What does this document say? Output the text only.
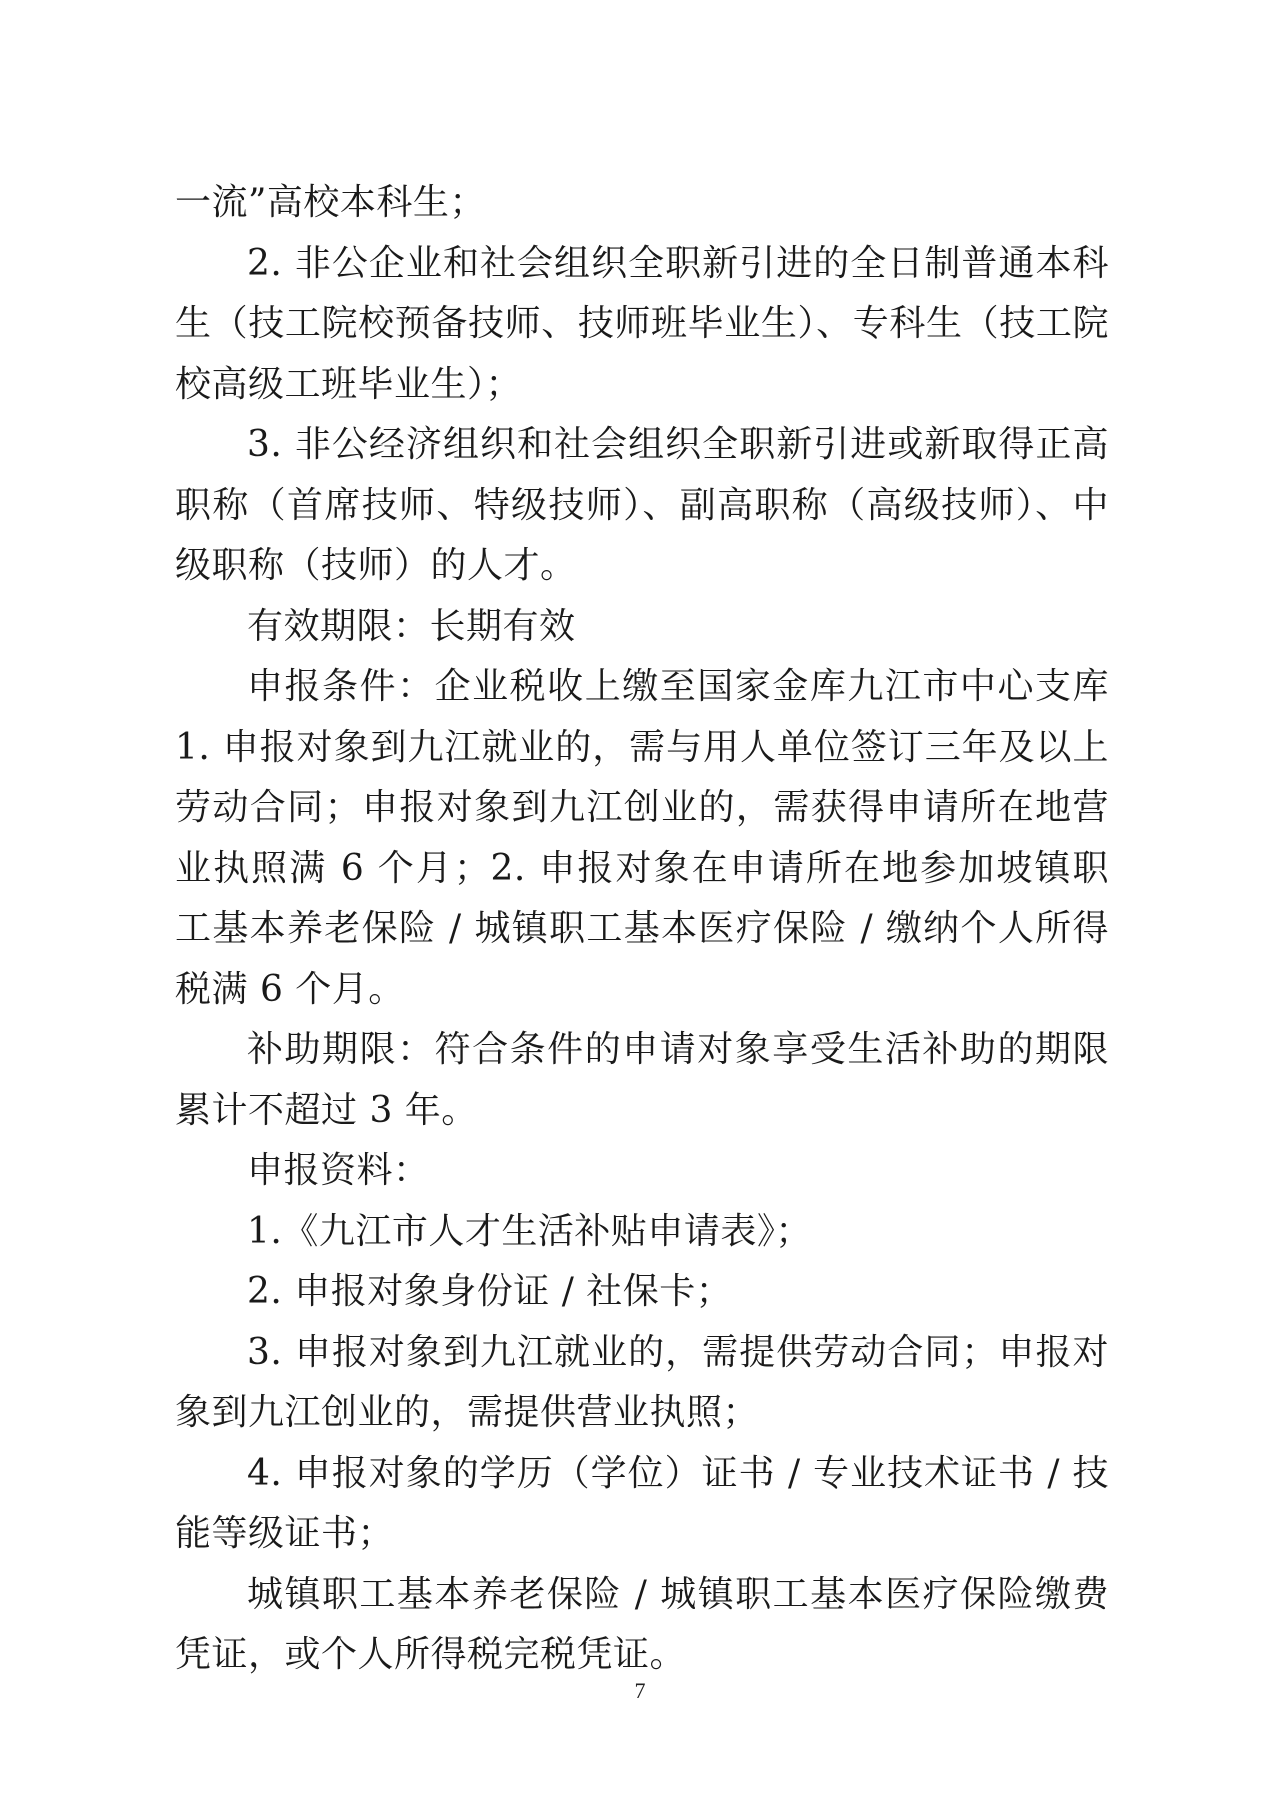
一流”高校本科生；

2. 非公企业和社会组织全职新引进的全日制普通本科生（技工院校预备技师、技师班毕业生）、专科生（技工院校高级工班毕业生）；

3. 非公经济组织和社会组织全职新引进或新取得正高职称（首席技师、特级技师）、副高职称（高级技师）、中级职称（技师）的人才。

有效期限：长期有效

申报条件：企业税收上缴至国家金库九江市中心支库 1. 申报对象到九江就业的，需与用人单位签订三年及以上劳动合同；申报对象到九江创业的，需获得申请所在地营业执照满 6 个月；2. 申报对象在申请所在地参加坡镇职工基本养老保险 / 城镇职工基本医疗保险 / 缴纳个人所得税满 6 个月。

补助期限：符合条件的申请对象享受生活补助的期限累计不超过 3 年。

申报资料：

1.《九江市人才生活补贴申请表》；

2. 申报对象身份证 / 社保卡；

3. 申报对象到九江就业的，需提供劳动合同；申报对象到九江创业的，需提供营业执照；

4. 申报对象的学历（学位）证书 / 专业技术证书 / 技能等级证书；

城镇职工基本养老保险 / 城镇职工基本医疗保险缴费凭证，或个人所得税完税凭证。

7
